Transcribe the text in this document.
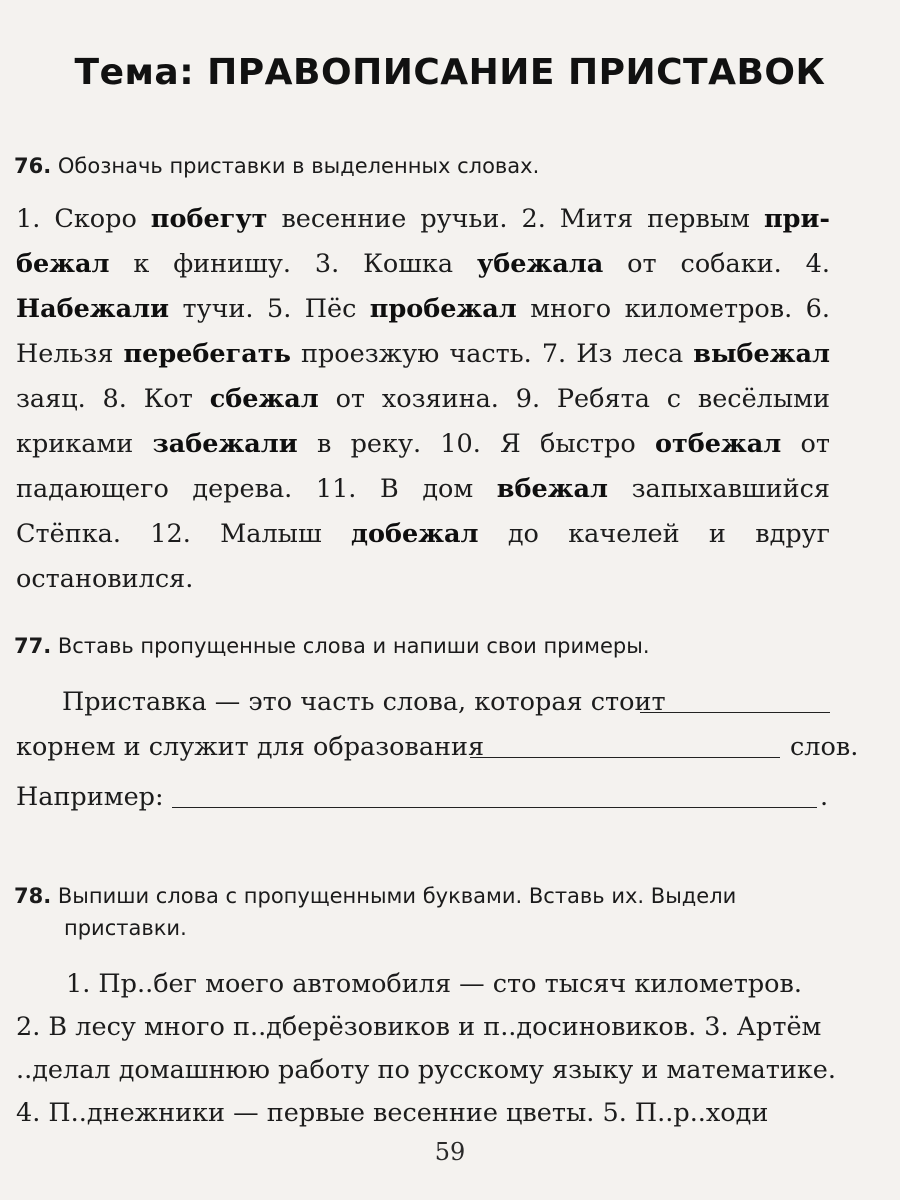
Тема: ПРАВОПИСАНИЕ ПРИСТАВОК
76. Обозначь приставки в выделенных словах.

1. Скоро побегут весенние ручьи. 2. Митя первым прибежал к финишу. 3. Кошка убежала от собаки. 4. Набежали тучи. 5. Пёс пробежал много километров. 6. Нельзя перебегать проезжую часть. 7. Из леса выбежал заяц. 8. Кот сбежал от хозяина. 9. Ребята с весёлыми криками забежали в реку. 10. Я быстро отбежал от падающего дерева. 11. В дом вбежал запыхавшийся Стёпка. 12. Малыш добежал до качелей и вдруг остановился.

77. Вставь пропущенные слова и напиши свои примеры.
Приставка — это часть слова, которая стоит
корнем и служит для образования	слов.
Например:	.
78. Выпиши слова с пропущенными буквами. Вставь их. Выдели
приставки.
1. Пр..бег моего автомобиля — сто тысяч километров.
2. В лесу много п..дберёзовиков и п..досиновиков. 3. Артём
..делал домашнюю работу по русскому языку и математике.
4. П..днежники — первые весенние цветы. 5. П..р..ходи
59
